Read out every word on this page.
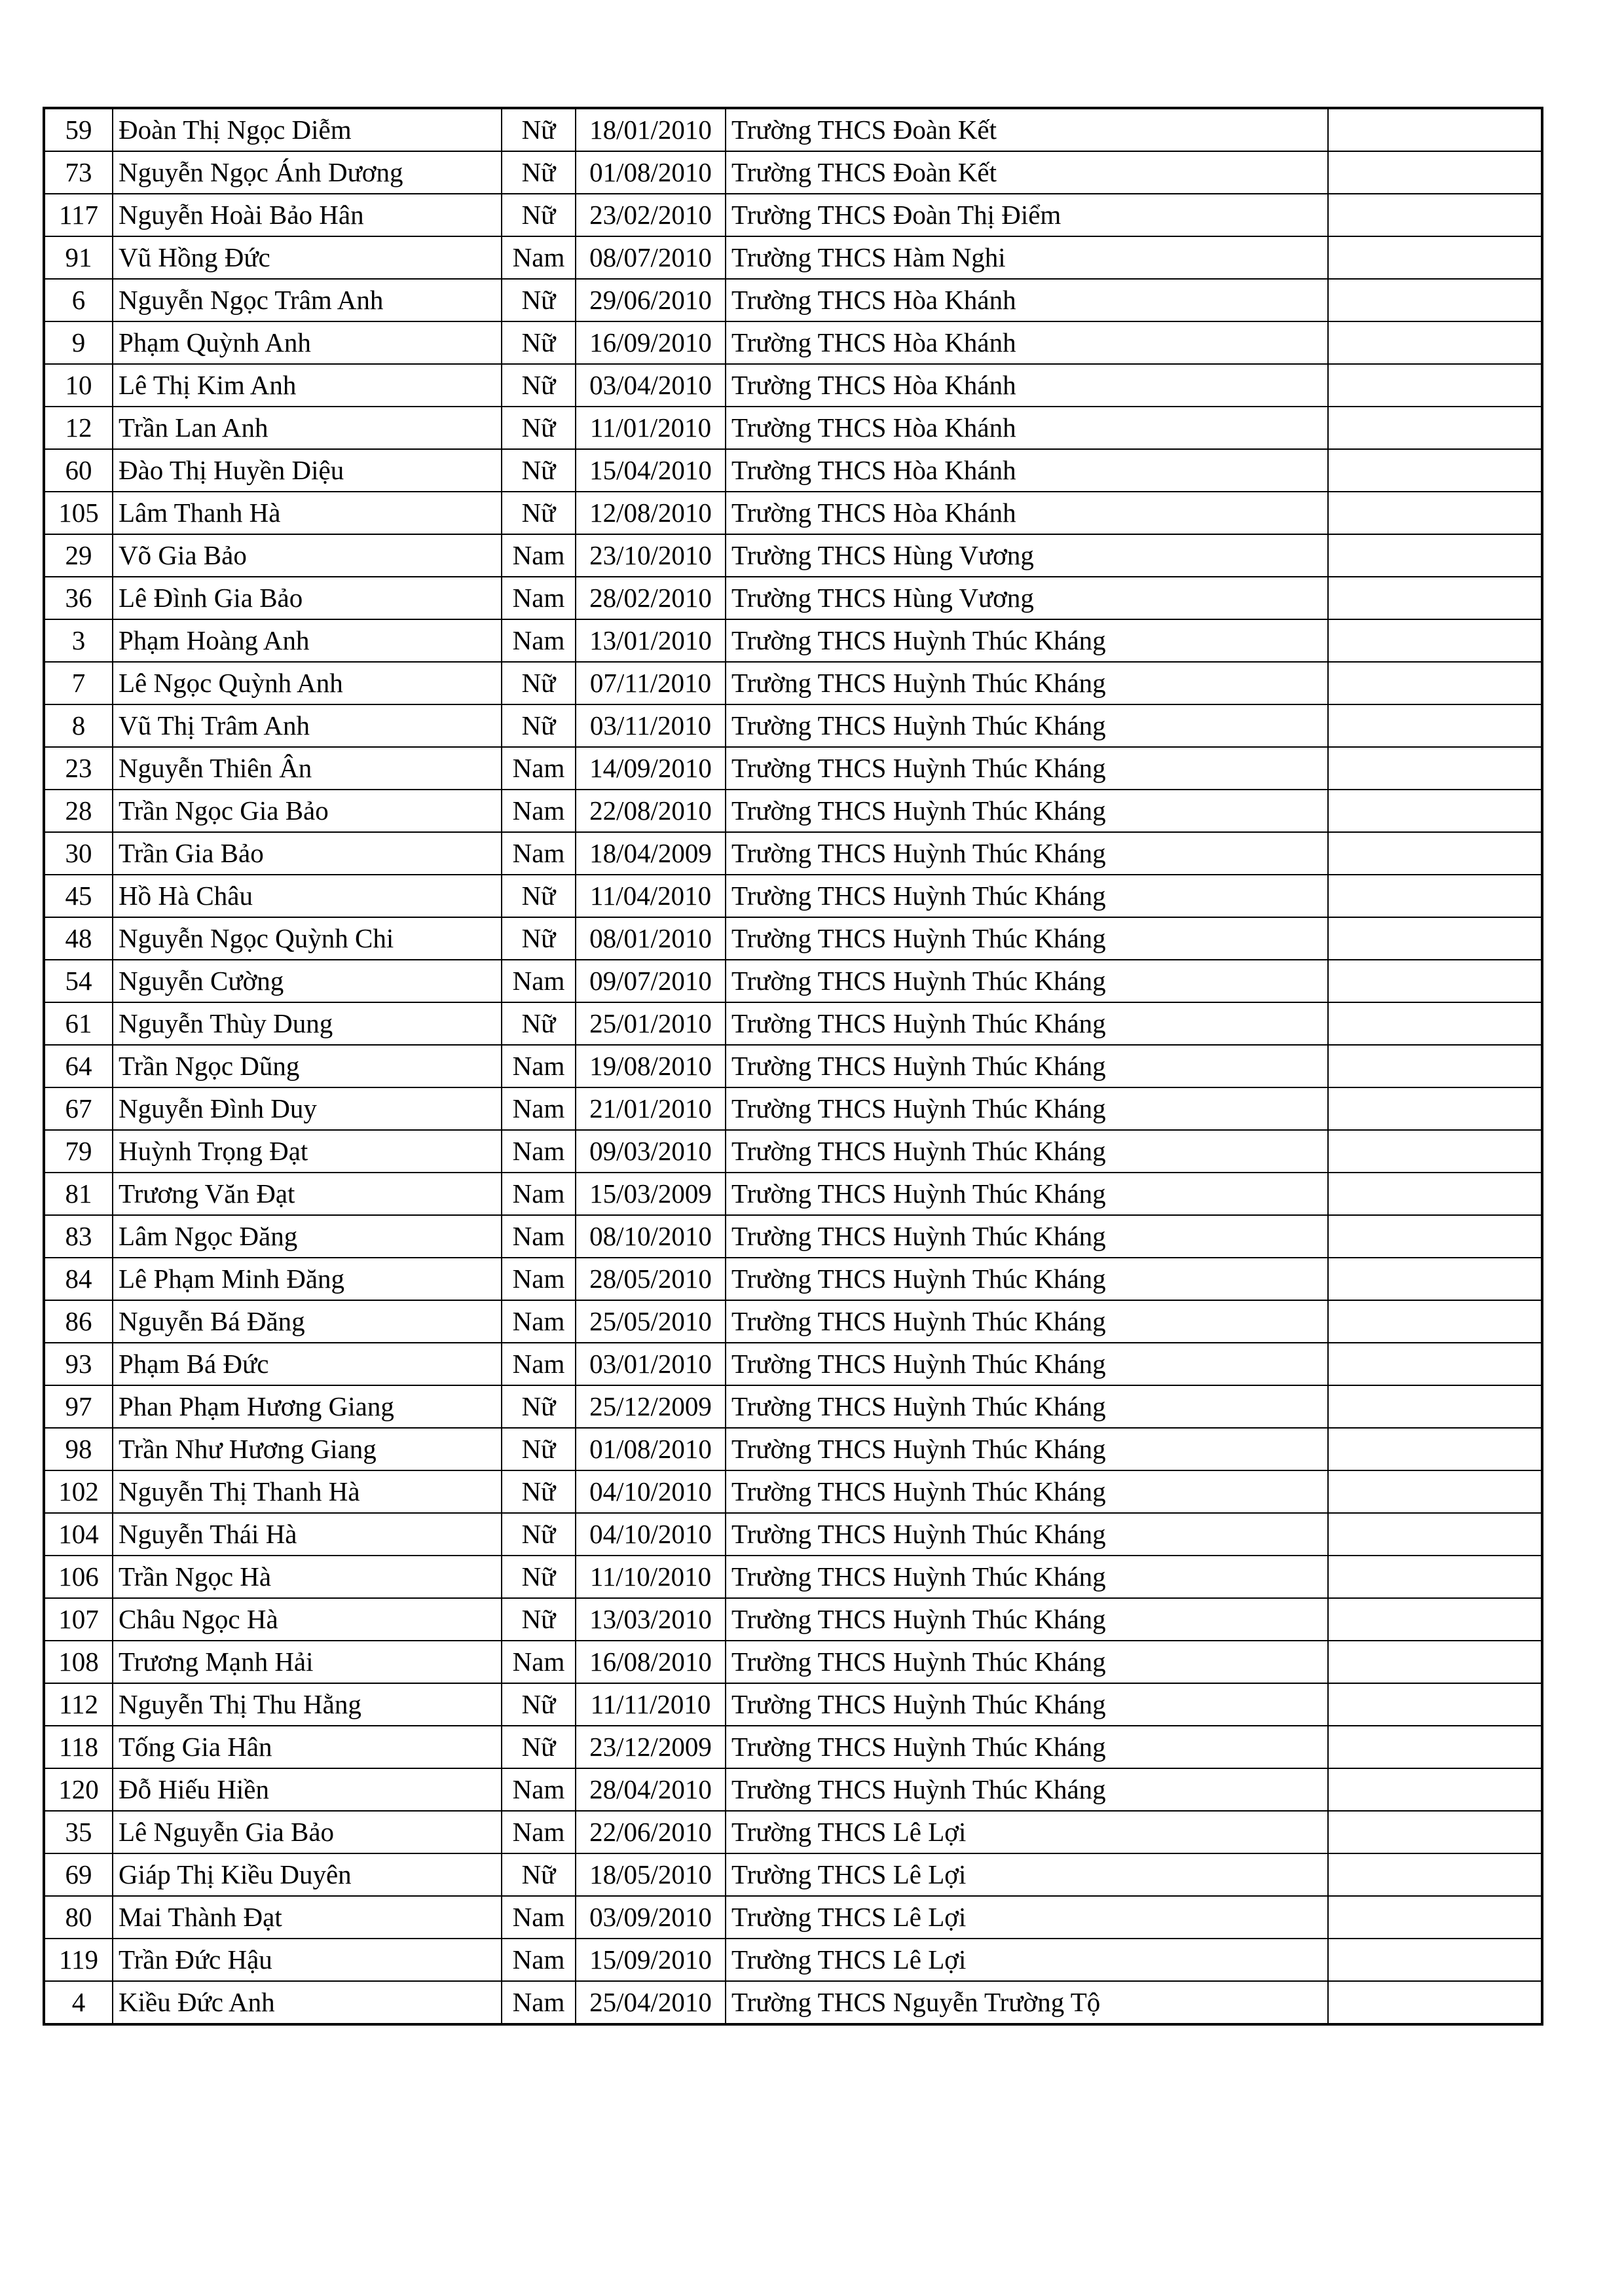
59	Đoàn Thị Ngọc Diễm	Nữ	18/01/2010	Trường THCS Đoàn Kết	
73	Nguyễn Ngọc Ánh Dương	Nữ	01/08/2010	Trường THCS Đoàn Kết	
117	Nguyễn Hoài Bảo Hân	Nữ	23/02/2010	Trường THCS Đoàn Thị Điểm	
91	Vũ Hồng Đức	Nam	08/07/2010	Trường THCS Hàm Nghi	
6	Nguyễn Ngọc Trâm Anh	Nữ	29/06/2010	Trường THCS Hòa Khánh	
9	Phạm Quỳnh Anh	Nữ	16/09/2010	Trường THCS Hòa Khánh	
10	Lê Thị Kim Anh	Nữ	03/04/2010	Trường THCS Hòa Khánh	
12	Trần Lan Anh	Nữ	11/01/2010	Trường THCS Hòa Khánh	
60	Đào Thị Huyền Diệu	Nữ	15/04/2010	Trường THCS Hòa Khánh	
105	Lâm Thanh Hà	Nữ	12/08/2010	Trường THCS Hòa Khánh	
29	Võ Gia Bảo	Nam	23/10/2010	Trường THCS Hùng Vương	
36	Lê Đình Gia Bảo	Nam	28/02/2010	Trường THCS Hùng Vương	
3	Phạm Hoàng Anh	Nam	13/01/2010	Trường THCS Huỳnh Thúc Kháng	
7	Lê Ngọc Quỳnh Anh	Nữ	07/11/2010	Trường THCS Huỳnh Thúc Kháng	
8	Vũ Thị Trâm Anh	Nữ	03/11/2010	Trường THCS Huỳnh Thúc Kháng	
23	Nguyễn Thiên Ân	Nam	14/09/2010	Trường THCS Huỳnh Thúc Kháng	
28	Trần Ngọc Gia Bảo	Nam	22/08/2010	Trường THCS Huỳnh Thúc Kháng	
30	Trần Gia Bảo	Nam	18/04/2009	Trường THCS Huỳnh Thúc Kháng	
45	Hồ Hà Châu	Nữ	11/04/2010	Trường THCS Huỳnh Thúc Kháng	
48	Nguyễn Ngọc Quỳnh Chi	Nữ	08/01/2010	Trường THCS Huỳnh Thúc Kháng	
54	Nguyễn Cường	Nam	09/07/2010	Trường THCS Huỳnh Thúc Kháng	
61	Nguyễn Thùy Dung	Nữ	25/01/2010	Trường THCS Huỳnh Thúc Kháng	
64	Trần Ngọc Dũng	Nam	19/08/2010	Trường THCS Huỳnh Thúc Kháng	
67	Nguyễn Đình Duy	Nam	21/01/2010	Trường THCS Huỳnh Thúc Kháng	
79	Huỳnh Trọng Đạt	Nam	09/03/2010	Trường THCS Huỳnh Thúc Kháng	
81	Trương Văn Đạt	Nam	15/03/2009	Trường THCS Huỳnh Thúc Kháng	
83	Lâm Ngọc Đăng	Nam	08/10/2010	Trường THCS Huỳnh Thúc Kháng	
84	Lê Phạm Minh Đăng	Nam	28/05/2010	Trường THCS Huỳnh Thúc Kháng	
86	Nguyễn Bá Đăng	Nam	25/05/2010	Trường THCS Huỳnh Thúc Kháng	
93	Phạm Bá Đức	Nam	03/01/2010	Trường THCS Huỳnh Thúc Kháng	
97	Phan Phạm Hương Giang	Nữ	25/12/2009	Trường THCS Huỳnh Thúc Kháng	
98	Trần Như Hương Giang	Nữ	01/08/2010	Trường THCS Huỳnh Thúc Kháng	
102	Nguyễn Thị Thanh Hà	Nữ	04/10/2010	Trường THCS Huỳnh Thúc Kháng	
104	Nguyễn Thái Hà	Nữ	04/10/2010	Trường THCS Huỳnh Thúc Kháng	
106	Trần Ngọc Hà	Nữ	11/10/2010	Trường THCS Huỳnh Thúc Kháng	
107	Châu Ngọc Hà	Nữ	13/03/2010	Trường THCS Huỳnh Thúc Kháng	
108	Trương Mạnh Hải	Nam	16/08/2010	Trường THCS Huỳnh Thúc Kháng	
112	Nguyễn Thị Thu Hằng	Nữ	11/11/2010	Trường THCS Huỳnh Thúc Kháng	
118	Tống Gia Hân	Nữ	23/12/2009	Trường THCS Huỳnh Thúc Kháng	
120	Đỗ Hiếu Hiền	Nam	28/04/2010	Trường THCS Huỳnh Thúc Kháng	
35	Lê Nguyễn Gia Bảo	Nam	22/06/2010	Trường THCS Lê Lợi	
69	Giáp Thị Kiều Duyên	Nữ	18/05/2010	Trường THCS Lê Lợi	
80	Mai Thành Đạt	Nam	03/09/2010	Trường THCS Lê Lợi	
119	Trần Đức Hậu	Nam	15/09/2010	Trường THCS Lê Lợi	
4	Kiều Đức Anh	Nam	25/04/2010	Trường THCS Nguyễn Trường Tộ	
